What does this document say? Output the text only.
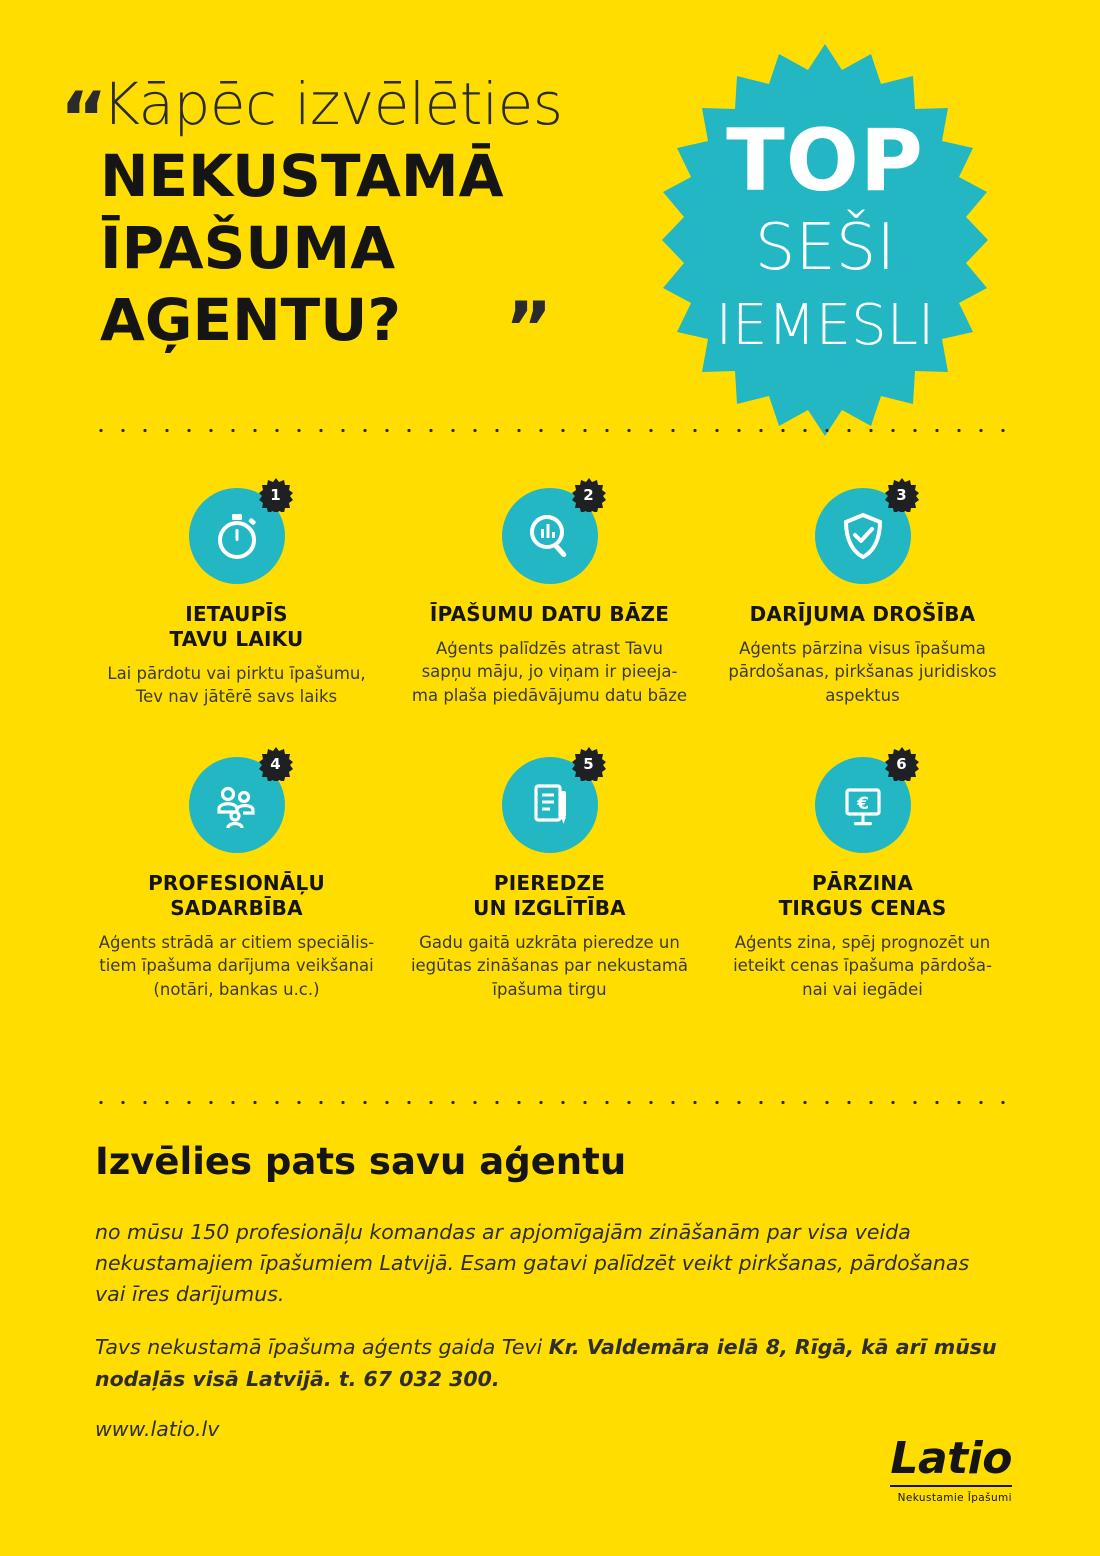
“
Kāpēc izvēlēties
NEKUSTAMĀ
ĪPAŠUMA
AĢENTU? ”
TOP
SEŠI
IEMESLI
1
IETAUPĪS
TAVU LAIKU
Lai pārdotu vai pirktu īpašumu, Tev nav jātērē savs laiks
2
ĪPAŠUMU DATU BĀZE
Aģents palīdzēs atrast Tavu sapņu māju, jo viņam ir pieeja-ma plaša piedāvājumu datu bāze
3
DARĪJUMA DROŠĪBA
Aģents pārzina visus īpašuma pārdošanas, pirkšanas juridiskos aspektus
4
PROFESIONĀĻU
SADARBĪBA
Aģents strādā ar citiem speciālis-tiem īpašuma darījuma veikšanai (notāri, bankas u.c.)
5
PIEREDZE
UN IZGLĪTĪBA
Gadu gaitā uzkrāta pieredze un iegūtas zināšanas par nekustamā īpašuma tirgu
€
6
PĀRZINA
TIRGUS CENAS
Aģents zina, spēj prognozēt un ieteikt cenas īpašuma pārdoša-nai vai iegādei
Izvēlies pats savu aģentu

no mūsu 150 profesionāļu komandas ar apjomīgajām zināšanām par visa veida nekustamajiem īpašumiem Latvijā. Esam gatavi palīdzēt veikt pirkšanas, pārdošanas vai īres darījumus.

Tavs nekustamā īpašuma aģents gaida Tevi Kr. Valdemāra ielā 8, Rīgā, kā arī mūsu nodaļās visā Latvijā. t. 67 032 300.

www.latio.lv

Latio
Nekustamie Īpašumi
